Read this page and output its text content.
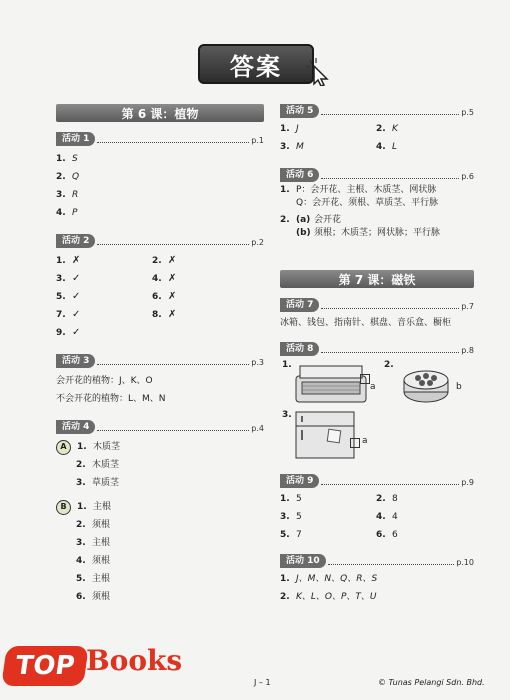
答案
第 6 课：植物
活动 1	p.1
1. S
2. Q
3. R
4. P
活动 2	p.2
1. ✗	2. ✗
3. ✓	4. ✗
5. ✓	6. ✗
7. ✓	8. ✗
9. ✓
活动 3	p.3
会开花的植物：J、K、O
不会开花的植物：L、M、N
活动 4	p.4
A	1. 木质茎
2. 木质茎
3. 草质茎
B	1. 主根
2. 须根
3. 主根
4. 须根
5. 主根
6. 须根
活动 5	p.5
1. J	2. K
3. M	4. L
活动 6	p.6
1. P：会开花、主根、木质茎、网状脉
Q：会开花、须根、草质茎、平行脉
2. (a) 会开花
(b) 须根；木质茎；网状脉；平行脉
第 7 课：磁铁
活动 7	p.7
冰箱、钱包、指南针、棋盘、音乐盒、橱柜
活动 8	p.8
1.
a
2.
b
3.
a
活动 9	p.9
1. 5	2. 8
3. 5	4. 4
5. 7	6. 6
活动 10	p.10
1. J、M、N、Q、R、S
2. K、L、O、P、T、U
J – 1	© Tunas Pelangi Sdn. Bhd.
TOP Books
